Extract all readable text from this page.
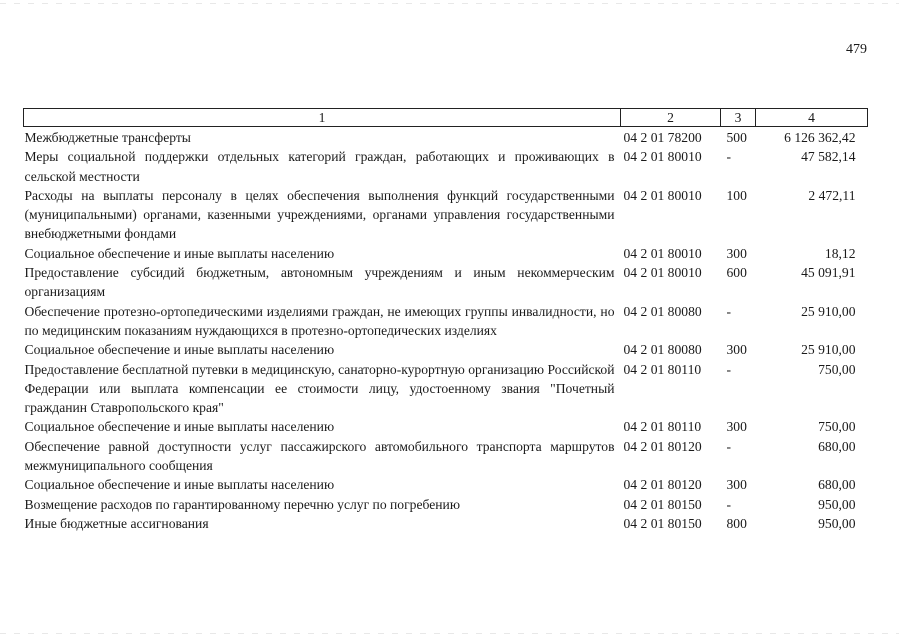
479
1	2	3	4
Межбюджетные трансферты	04 2 01 78200	500	6 126 362,42
Меры социальной поддержки отдельных категорий граждан, работающих и проживающих в сельской местности	04 2 01 80010	-	47 582,14
Расходы на выплаты персоналу в целях обеспечения выполнения функций государственными (муниципальными) органами, казенными учреждениями, органами управления государственными внебюджетными фондами	04 2 01 80010	100	2 472,11
Социальное обеспечение и иные выплаты населению	04 2 01 80010	300	18,12
Предоставление субсидий бюджетным, автономным учреждениям и иным некоммерческим организациям	04 2 01 80010	600	45 091,91
Обеспечение протезно-ортопедическими изделиями граждан, не имеющих группы инвалидности, но по медицинским показаниям нуждающихся в протезно-ортопедических изделиях	04 2 01 80080	-	25 910,00
Социальное обеспечение и иные выплаты населению	04 2 01 80080	300	25 910,00
Предоставление бесплатной путевки в медицинскую, санаторно-курортную организацию Российской Федерации или выплата компенсации ее стоимости лицу, удостоенному звания "Почетный гражданин Ставропольского края"	04 2 01 80110	-	750,00
Социальное обеспечение и иные выплаты населению	04 2 01 80110	300	750,00
Обеспечение равной доступности услуг пассажирского автомобильного транспорта маршрутов межмуниципального сообщения	04 2 01 80120	-	680,00
Социальное обеспечение и иные выплаты населению	04 2 01 80120	300	680,00
Возмещение расходов по гарантированному перечню услуг по погребению	04 2 01 80150	-	950,00
Иные бюджетные ассигнования	04 2 01 80150	800	950,00
